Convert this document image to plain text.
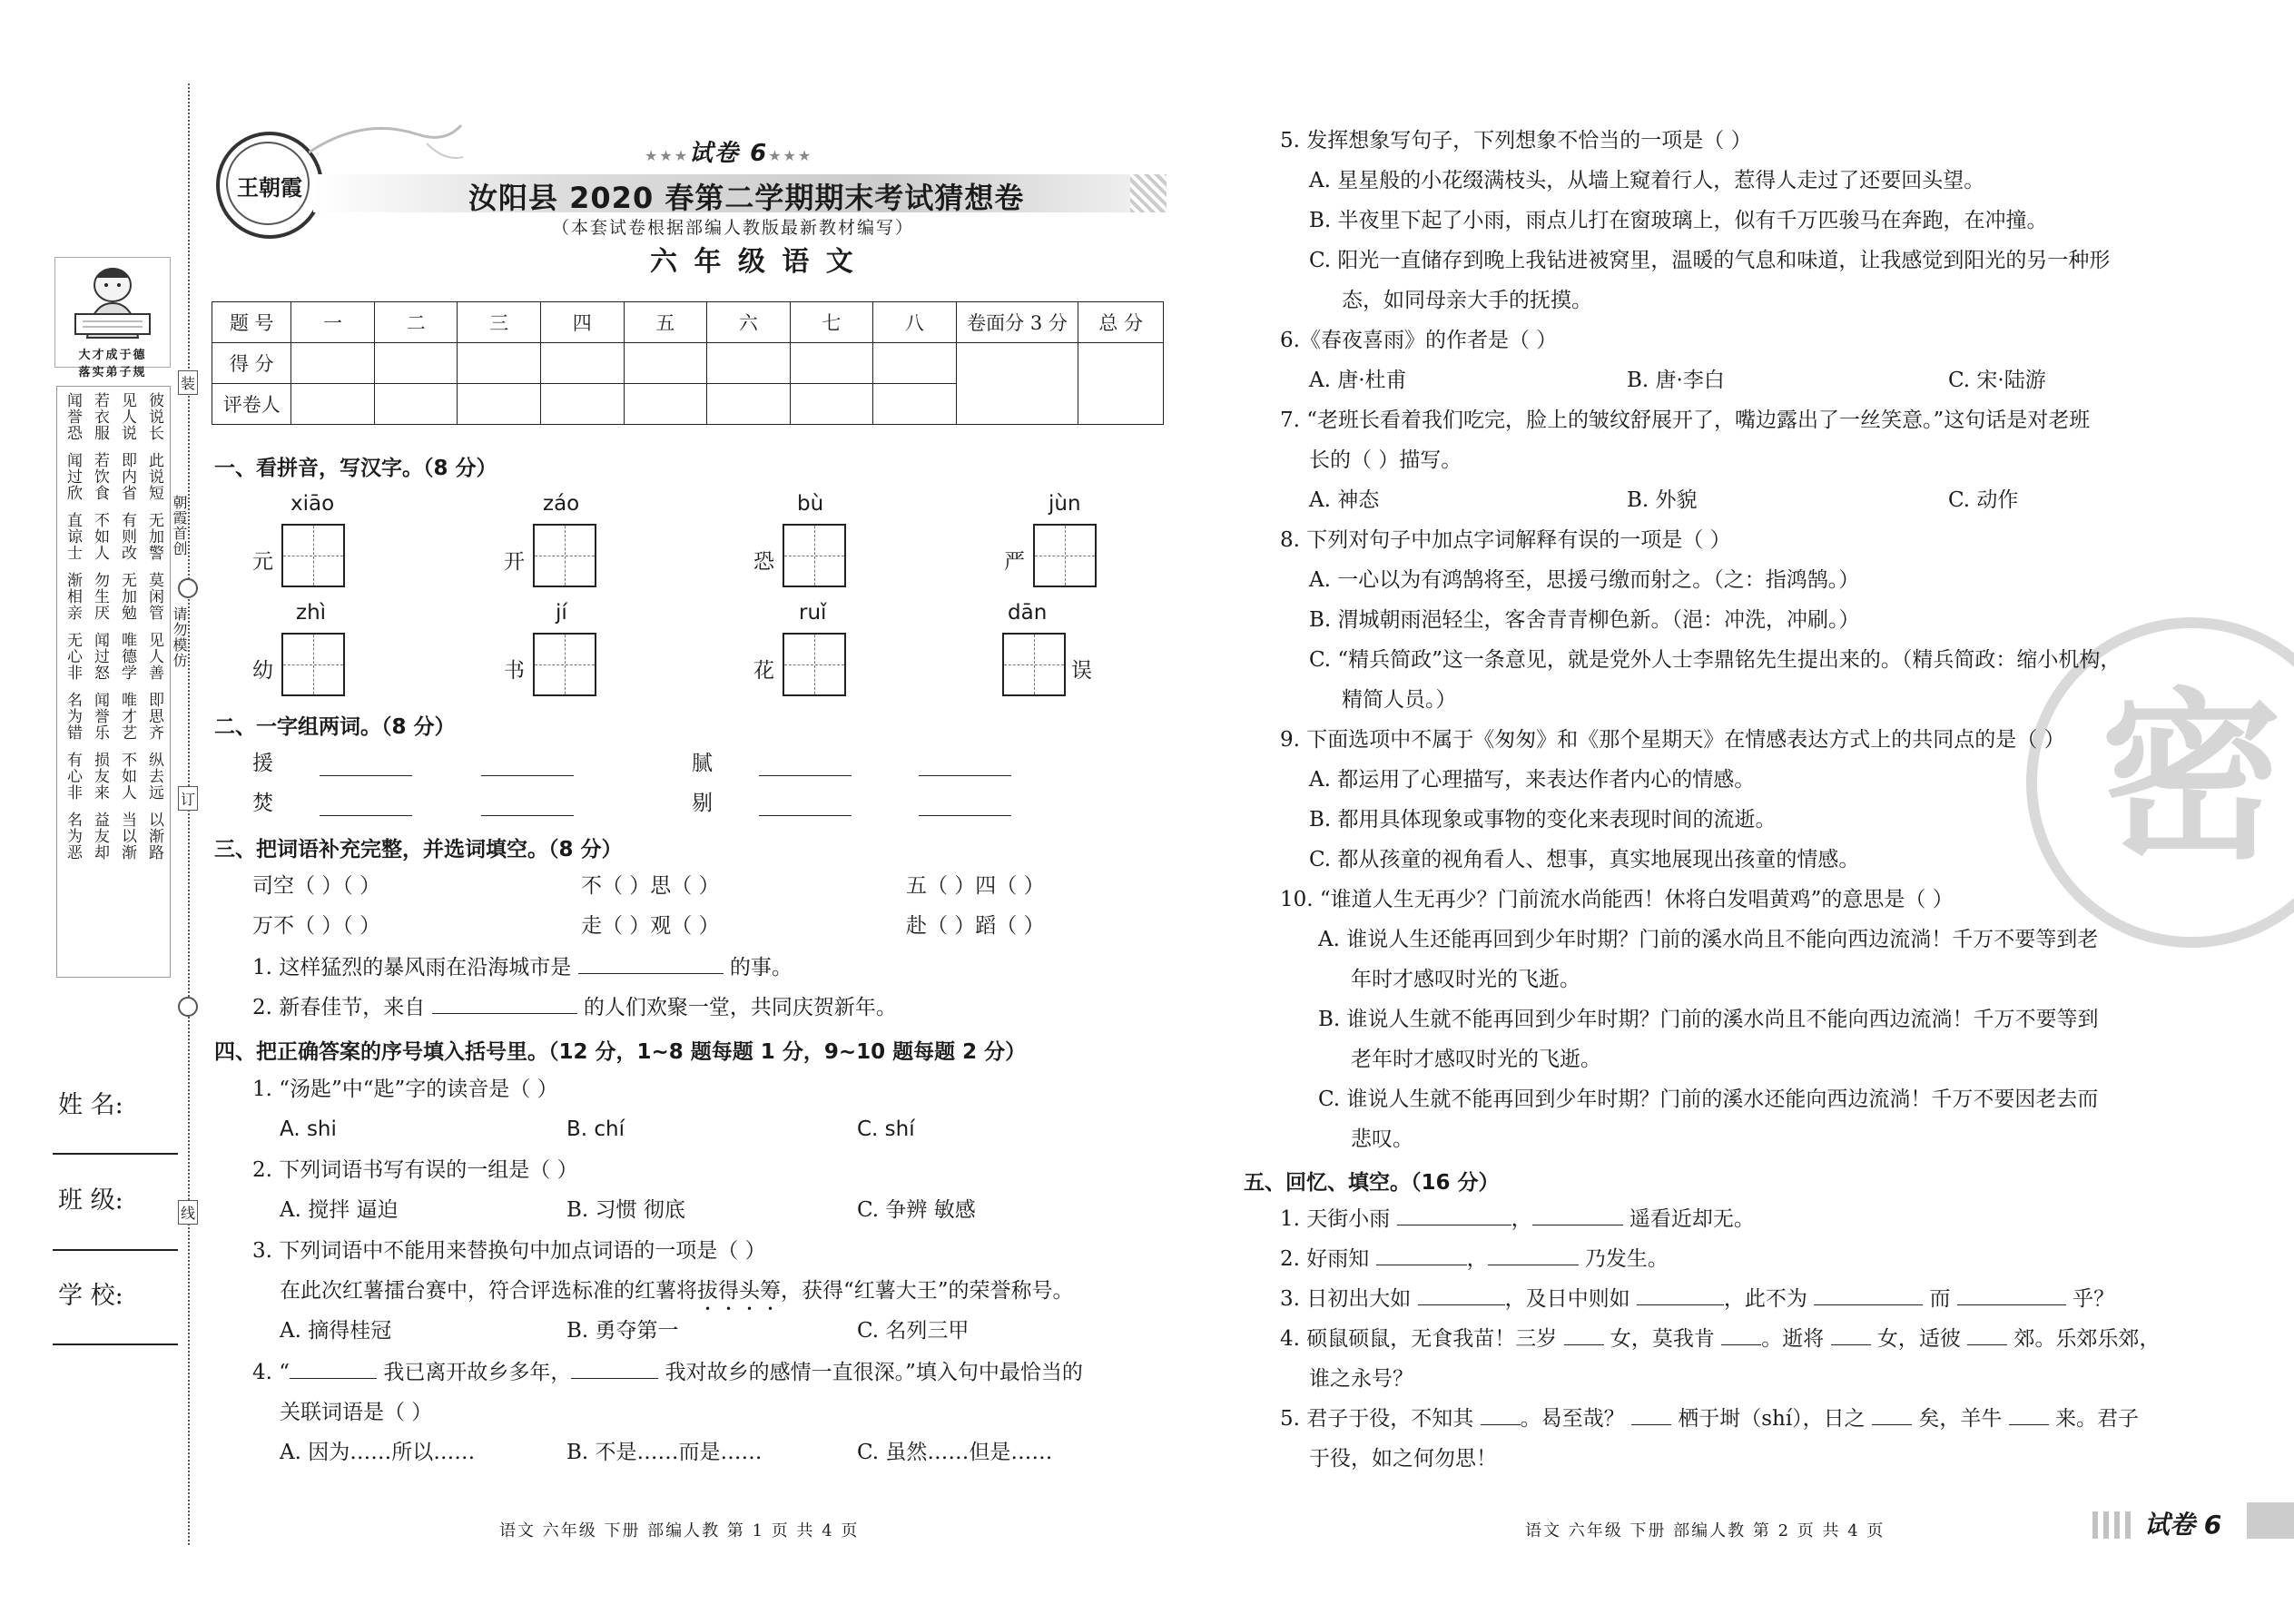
大才成于德
落实弟子规
闻誉恐 若衣服 见人说 彼说长
闻过欣 若饮食 即内省 此说短
直谅士 不如人 有则改 无加警
渐相亲 勿生厌 无加勉 莫闲管
无心非 闻过怒 唯德学 见人善
名为错 闻誉乐 唯才艺 即思齐
有心非 损友来 不如人 纵去远
名为恶 益友却 当以渐 以渐路
朝霞首创
请勿模仿
装
订
线
姓 名:
班 级:
学 校:
王朝霞
★★★试卷 6★★★
汝阳县 2020 春第二学期期末考试猜想卷
（本套试卷根据部编人教版最新教材编写）
六 年 级 语 文
题 号	一	二	三	四	五	六	七	八	卷面分 3 分	总 分
得 分										
评卷人										
一、看拼音，写汉字。（8 分）
xiāo
元
záo
开
bù
恐
jùn
严
zhì
幼
jí
书
ruǐ
花
dān
误
二、一字组两词。（8 分）
援	腻
焚	剔
三、把词语补充完整，并选词填空。（8 分）
司空（ ）（ ）	不（ ）思（ ）	五（ ）四（ ）
万不（ ）（ ）	走（ ）观（ ）	赴（ ）蹈（ ）
1. 这样猛烈的暴风雨在沿海城市是	的事。
2. 新春佳节，来自	的人们欢聚一堂，共同庆贺新年。
四、把正确答案的序号填入括号里。（12 分，1~8 题每题 1 分，9~10 题每题 2 分）
1. “汤匙”中“匙”字的读音是（ ）
A. shi	B. chí	C. shí
2. 下列词语书写有误的一组是（ ）
A. 搅拌 逼迫	B. 习惯 彻底	C. 争辨 敏感
3. 下列词语中不能用来替换句中加点词语的一项是（ ）
在此次红薯擂台赛中，符合评选标准的红薯将拔得头筹，获得“红薯大王”的荣誉称号。
A. 摘得桂冠	B. 勇夺第一	C. 名列三甲
4. “	我已离开故乡多年，	我对故乡的感情一直很深。”填入句中最恰当的
关联词语是（ ）
A. 因为……所以……	B. 不是……而是……	C. 虽然……但是……
语文 六年级 下册 部编人教 第 1 页 共 4 页
密
5. 发挥想象写句子，下列想象不恰当的一项是（ ）
A. 星星般的小花缀满枝头，从墙上窥着行人，惹得人走过了还要回头望。
B. 半夜里下起了小雨，雨点儿打在窗玻璃上，似有千万匹骏马在奔跑，在冲撞。
C. 阳光一直储存到晚上我钻进被窝里，温暖的气息和味道，让我感觉到阳光的另一种形
态，如同母亲大手的抚摸。
6.《春夜喜雨》的作者是（ ）
A. 唐·杜甫	B. 唐·李白	C. 宋·陆游
7. “老班长看着我们吃完，脸上的皱纹舒展开了，嘴边露出了一丝笑意。”这句话是对老班
长的（ ）描写。
A. 神态	B. 外貌	C. 动作
8. 下列对句子中加点字词解释有误的一项是（ ）
A. 一心以为有鸿鹄将至，思援弓缴而射之。（之：指鸿鹄。）
B. 渭城朝雨浥轻尘，客舍青青柳色新。（浥：冲洗，冲刷。）
C. “精兵简政”这一条意见，就是党外人士李鼎铭先生提出来的。（精兵简政：缩小机构，
精简人员。）
9. 下面选项中不属于《匆匆》和《那个星期天》在情感表达方式上的共同点的是（ ）
A. 都运用了心理描写，来表达作者内心的情感。
B. 都用具体现象或事物的变化来表现时间的流逝。
C. 都从孩童的视角看人、想事，真实地展现出孩童的情感。
10. “谁道人生无再少？门前流水尚能西！休将白发唱黄鸡”的意思是（ ）
A. 谁说人生还能再回到少年时期？门前的溪水尚且不能向西边流淌！千万不要等到老
年时才感叹时光的飞逝。
B. 谁说人生就不能再回到少年时期？门前的溪水尚且不能向西边流淌！千万不要等到
老年时才感叹时光的飞逝。
C. 谁说人生就不能再回到少年时期？门前的溪水还能向西边流淌！千万不要因老去而
悲叹。
五、回忆、填空。（16 分）
1. 天街小雨	，	遥看近却无。
2. 好雨知	，	乃发生。
3. 日初出大如	，及日中则如	，此不为	而	乎？
4. 硕鼠硕鼠，无食我苗！三岁	女，莫我肯 。逝将	女，适彼	郊。乐郊乐郊，
谁之永号？
5. 君子于役，不知其 。曷至哉？	栖于埘（shí），日之	矣，羊牛	来。君子
于役，如之何勿思！
语文 六年级 下册 部编人教 第 2 页 共 4 页	试卷 6
